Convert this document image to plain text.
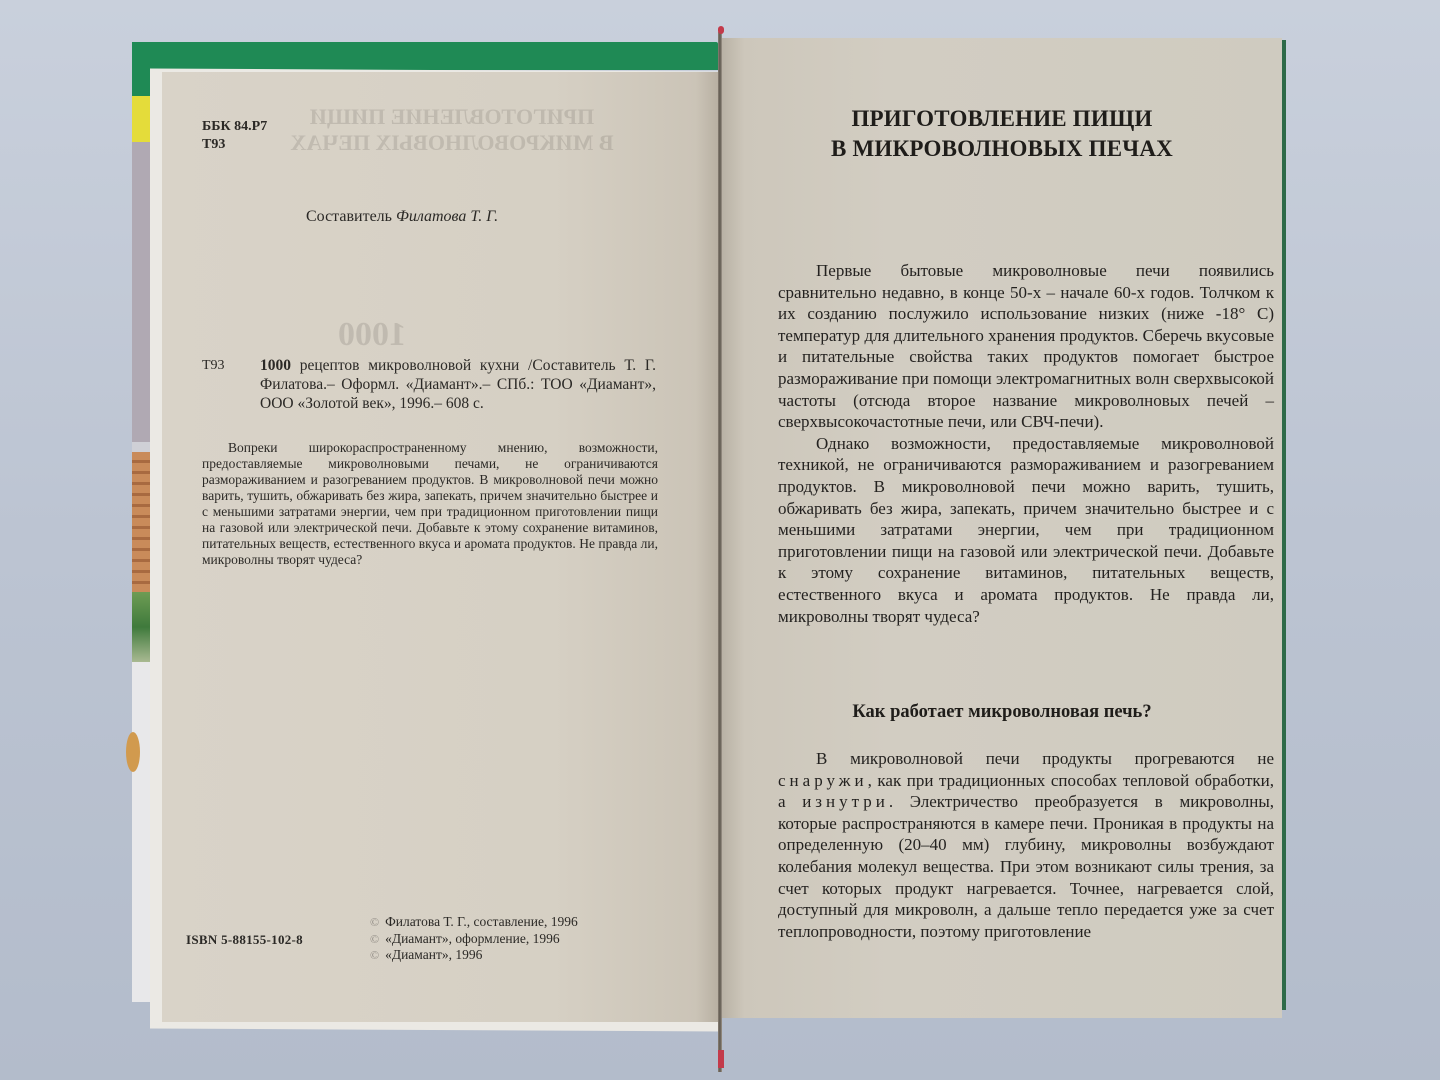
ПРИГОТОВЛЕНИЕ ПИЩИ
В МИКРОВОЛНОВЫХ ПЕЧАХ
1000
ББК 84.Р7
Т93
Составитель Филатова Т. Г.
Т93 1000 рецептов микроволновой кухни /Составитель Т. Г. Филатова.– Оформл. «Диамант».– СПб.: ТОО «Диамант», ООО «Золотой век», 1996.– 608 с.
Вопреки широкораспространенному мнению, возможности, предоставляемые микроволновыми печами, не ограничиваются размораживанием и разогреванием продуктов. В микроволновой печи можно варить, тушить, обжаривать без жира, запекать, причем значительно быстрее и с меньшими затратами энергии, чем при традиционном приготовлении пищи на газовой или электрической печи. Добавьте к этому сохранение витаминов, питательных веществ, естественного вкуса и аромата продуктов. Не правда ли, микроволны творят чудеса?
ISBN 5-88155-102-8
© Филатова Т. Г., составление, 1996
© «Диамант», оформление, 1996
© «Диамант», 1996
ПРИГОТОВЛЕНИЕ ПИЩИ
В МИКРОВОЛНОВЫХ ПЕЧАХ

Первые бытовые микроволновые печи появились сравнительно недавно, в конце 50-х – начале 60-х годов. Толчком к их созданию послужило использование низких (ниже -18° С) температур для длительного хранения продуктов. Сберечь вкусовые и питательные свойства таких продуктов помогает быстрое размораживание при помощи электромагнитных волн сверхвысокой частоты (отсюда второе название микроволновых печей – сверхвысокочастотные печи, или СВЧ-печи).

Однако возможности, предоставляемые микроволновой техникой, не ограничиваются размораживанием и разогреванием продуктов. В микроволновой печи можно варить, тушить, обжаривать без жира, запекать, причем значительно быстрее и с меньшими затратами энергии, чем при традиционном приготовлении пищи на газовой или электрической печи. Добавьте к этому сохранение витаминов, питательных веществ, естественного вкуса и аромата продуктов. Не правда ли, микроволны творят чудеса?

Как работает микроволновая печь?

В микроволновой печи продукты прогреваются не снаружи, как при традиционных способах тепловой обработки, а изнутри. Электричество преобразуется в микроволны, которые распространяются в камере печи. Проникая в продукты на определенную (20–40 мм) глубину, микроволны возбуждают колебания молекул вещества. При этом возникают силы трения, за счет которых продукт нагревается. Точнее, нагревается слой, доступный для микроволн, а дальше тепло передается уже за счет теплопроводности, поэтому приготовление
